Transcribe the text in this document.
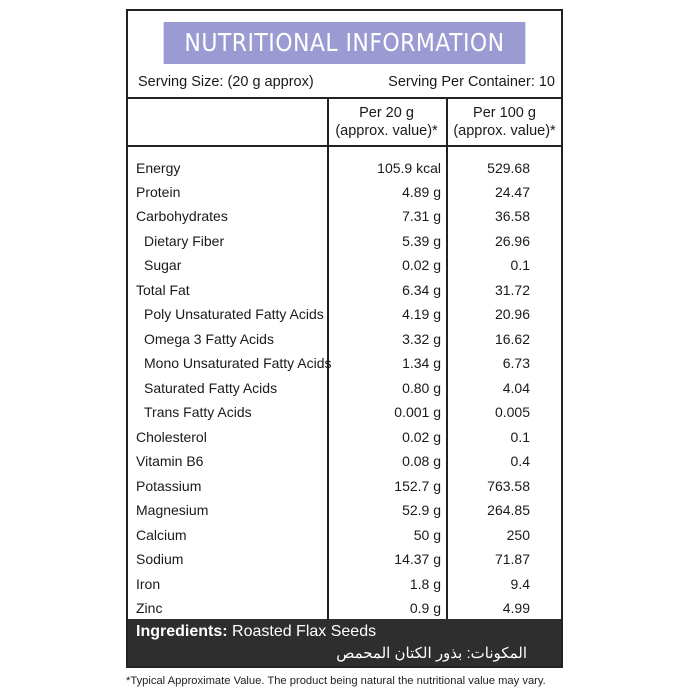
NUTRITIONAL INFORMATION
Serving Size: (20 g approx)	Serving Per Container: 10
Per 20 g
(approx. value)*
Per 100 g
(approx. value)*
Energy	105.9 kcal	529.68
Protein	4.89 g	24.47
Carbohydrates	7.31 g	36.58
Dietary Fiber	5.39 g	26.96
Sugar	0.02 g	0.1
Total Fat	6.34 g	31.72
Poly Unsaturated Fatty Acids	4.19 g	20.96
Omega 3 Fatty Acids	3.32 g	16.62
Mono Unsaturated Fatty Acids	1.34 g	6.73
Saturated Fatty Acids	0.80 g	4.04
Trans Fatty Acids	0.001 g	0.005
Cholesterol	0.02 g	0.1
Vitamin B6	0.08 g	0.4
Potassium	152.7 g	763.58
Magnesium	52.9 g	264.85
Calcium	50 g	250
Sodium	14.37 g	71.87
Iron	1.8 g	9.4
Zinc	0.9 g	4.99
Ingredients: Roasted Flax Seeds
المكونات: بذور الكتان المحمص
*Typical Approximate Value. The product being natural the nutritional value may vary.
